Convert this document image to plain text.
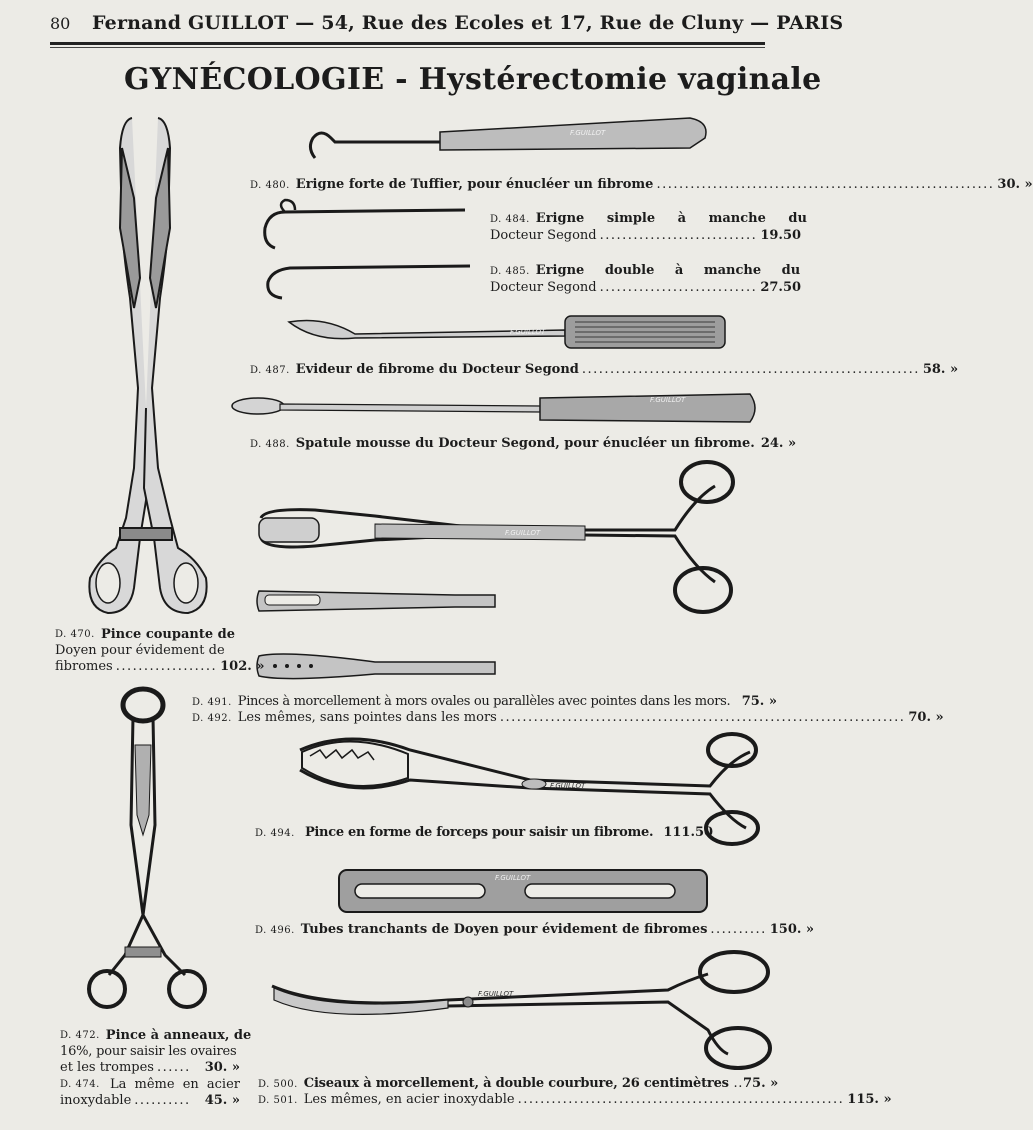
80 Fernand GUILLOT — 54, Rue des Ecoles et 17, Rue de Cluny — PARIS
GYNÉCOLOGIE - Hystérectomie vaginale
F.GUILLOT
F.GUILLOT
F.GUILLOT
F.GUILLOT
F.GUILLOT
F.GUILLOT
F.GUILLOT
D. 480. Erigne forte de Tuffier, pour énucléer un fibrome ............................................................ 30. »
D. 484. Erigne simple à manche du
Docteur Segond ............................ 19.50
D. 485. Erigne double à manche du
Docteur Segond ............................ 27.50
D. 487. Evideur de fibrome du Docteur Segond ............................................................ 58. »
D. 488. Spatule mousse du Docteur Segond, pour énucléer un fibrome. 24. »
D. 470. Pince coupante de
Doyen pour évidement de
fibromes .................. 102. »
D. 491. Pinces à morcellement à mors ovales ou parallèles avec pointes dans les mors. 75. »
D. 492. Les mêmes, sans pointes dans les mors ........................................................................ 70. »
D. 494. Pince en forme de forceps pour saisir un fibrome. 111.50
D. 496. Tubes tranchants de Doyen pour évidement de fibromes .......... 150. »
D. 472. Pince à anneaux, de
16%, pour saisir les ovaires
et les trompes ......	30. »
D. 474. La même en acier
inoxydable ..........	45. »
D. 500. Ciseaux à morcellement, à double courbure, 26 centimètres .. 75. »
D. 501. Les mêmes, en acier inoxydable .......................................................... 115. »
